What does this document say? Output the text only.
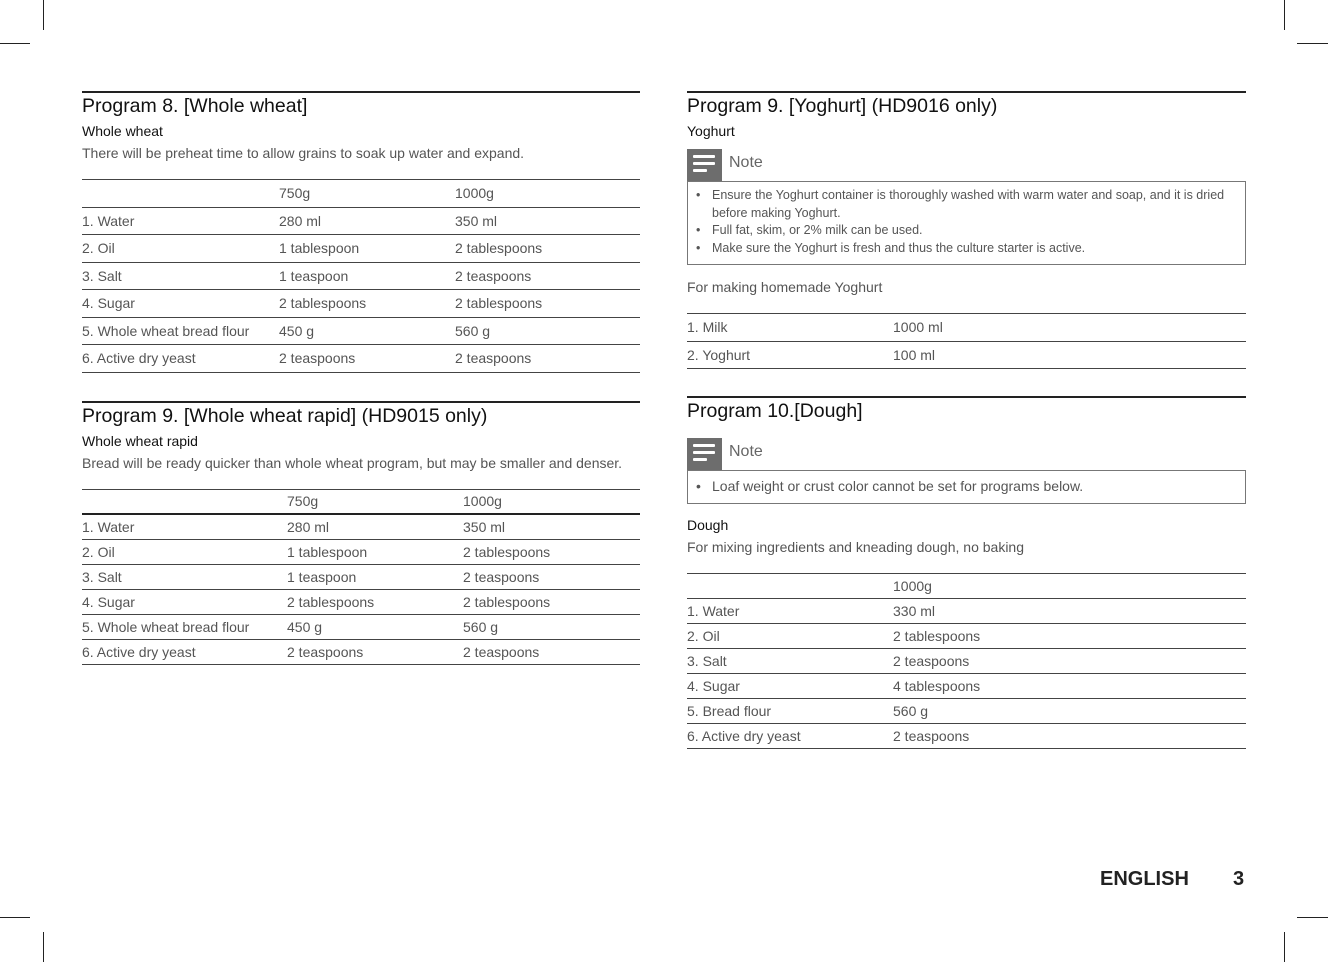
Program 8. [Whole wheat]
Whole wheat
There will be preheat time to allow grains to soak up water and expand.
	750g	1000g
1. Water	280 ml	350 ml
2. Oil	1 tablespoon	2 tablespoons
3. Salt	1 teaspoon	2 teaspoons
4. Sugar	2 tablespoons	2 tablespoons
5. Whole wheat bread flour	450 g	560 g
6. Active dry yeast	2 teaspoons	2 teaspoons
Program 9. [Whole wheat rapid] (HD9015 only)
Whole wheat rapid
Bread will be ready quicker than whole wheat program, but may be smaller and denser.
	750g	1000g
1. Water	280 ml	350 ml
2. Oil	1 tablespoon	2 tablespoons
3. Salt	1 teaspoon	2 teaspoons
4. Sugar	2 tablespoons	2 tablespoons
5. Whole wheat bread flour	450 g	560 g
6. Active dry yeast	2 teaspoons	2 teaspoons
Program 9. [Yoghurt] (HD9016 only)
Yoghurt
Note
• Ensure the Yoghurt container is thoroughly washed with warm water and soap, and it is dried before making Yoghurt.
• Full fat, skim, or 2% milk can be used.
• Make sure the Yoghurt is fresh and thus the culture starter is active.
For making homemade Yoghurt
1. Milk	1000 ml
2. Yoghurt	100 ml
Program 10.[Dough]
Note
• Loaf weight or crust color cannot be set for programs below.
Dough
For mixing ingredients and kneading dough, no baking
	1000g
1. Water	330 ml
2. Oil	2 tablespoons
3. Salt	2 teaspoons
4. Sugar	4 tablespoons
5. Bread flour	560 g
6. Active dry yeast	2 teaspoons
ENGLISH 3
